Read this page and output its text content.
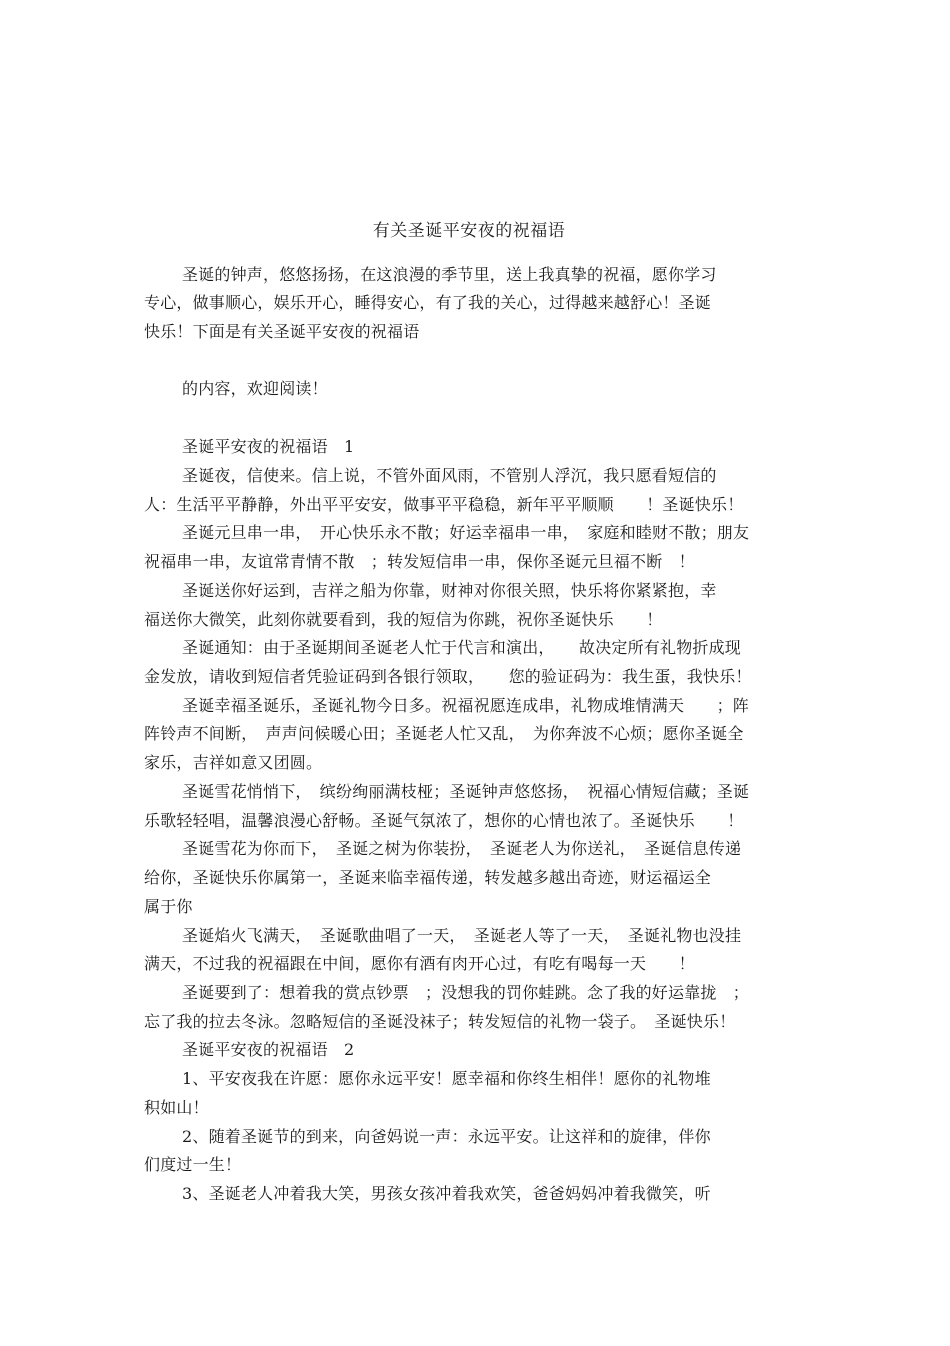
有关圣诞平安夜的祝福语
圣诞的钟声，悠悠扬扬，在这浪漫的季节里，送上我真挚的祝福，愿你学习
专心，做事顺心，娱乐开心，睡得安心，有了我的关心，过得越来越舒心！圣诞
快乐！下面是有关圣诞平安夜的祝福语
的内容，欢迎阅读！
圣诞平安夜的祝福语　1
圣诞夜，信使来。信上说，不管外面风雨，不管别人浮沉，我只愿看短信的
人：生活平平静静，外出平平安安，做事平平稳稳，新年平平顺顺　　！圣诞快乐！
圣诞元旦串一串，　开心快乐永不散；好运幸福串一串，　家庭和睦财不散；朋友
祝福串一串，友谊常青情不散　；转发短信串一串，保你圣诞元旦福不断　！
圣诞送你好运到，吉祥之船为你靠，财神对你很关照，快乐将你紧紧抱，幸
福送你大微笑，此刻你就要看到，我的短信为你跳，祝你圣诞快乐　　！
圣诞通知：由于圣诞期间圣诞老人忙于代言和演出，　　故决定所有礼物折成现
金发放，请收到短信者凭验证码到各银行领取，　　您的验证码为：我生蛋，我快乐！
圣诞幸福圣诞乐，圣诞礼物今日多。祝福祝愿连成串，礼物成堆情满天　　；阵
阵铃声不间断，　声声问候暖心田；圣诞老人忙又乱，　为你奔波不心烦；愿你圣诞全
家乐，吉祥如意又团圆。
圣诞雪花悄悄下，　缤纷绚丽满枝桠；圣诞钟声悠悠扬，　祝福心情短信藏；圣诞
乐歌轻轻唱，温馨浪漫心舒畅。圣诞气氛浓了，想你的心情也浓了。圣诞快乐　　！
圣诞雪花为你而下，　圣诞之树为你装扮，　圣诞老人为你送礼，　圣诞信息传递
给你，圣诞快乐你属第一，圣诞来临幸福传递，转发越多越出奇迹，财运福运全
属于你
圣诞焰火飞满天，　圣诞歌曲唱了一天，　圣诞老人等了一天，　圣诞礼物也没挂
满天，不过我的祝福跟在中间，愿你有酒有肉开心过，有吃有喝每一天　　！
圣诞要到了：想着我的赏点钞票　；没想我的罚你蛙跳。念了我的好运靠拢　；
忘了我的拉去冬泳。忽略短信的圣诞没袜子；转发短信的礼物一袋子。　圣诞快乐！
圣诞平安夜的祝福语　2
1、平安夜我在许愿：愿你永远平安！愿幸福和你终生相伴！愿你的礼物堆
积如山！
2、随着圣诞节的到来，向爸妈说一声：永远平安。让这祥和的旋律，伴你
们度过一生！
3、圣诞老人冲着我大笑，男孩女孩冲着我欢笑，爸爸妈妈冲着我微笑，听
